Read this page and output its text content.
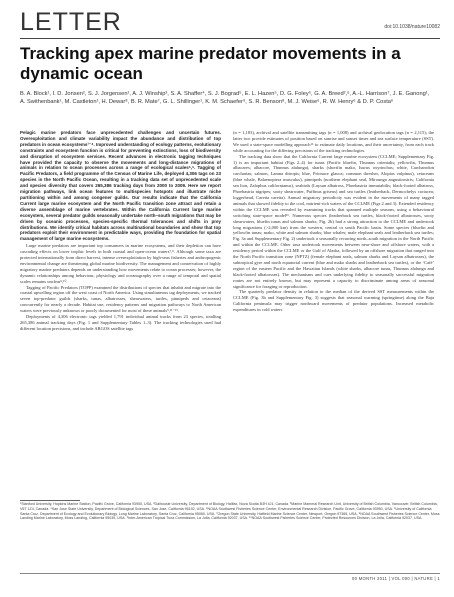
LETTER	doi:10.1038/nature10082
Tracking apex marine predator movements in a dynamic ocean

B. A. Block¹, I. D. Jonsen², S. J. Jorgensen¹, A. J. Winship³, S. A. Shaffer⁴, S. J. Bograd⁵, E. L. Hazen⁵, D. G. Foley⁵, G. A. Breed²,⁶, A.-L. Harrison⁷, J. E. Ganong¹, A. Swithenbank¹, M. Castleton¹, H. Dewar⁸, B. R. Mate⁷, G. L. Shillinger¹, K. M. Schaefer⁹, S. R. Benson⁸, M. J. Weise⁶, R. W. Henry⁶ & D. P. Costa⁶

Pelagic marine predators face unprecedented challenges and uncertain futures. Overexploitation and climate variability impact the abundance and distribution of top predators in ocean ecosystems¹⁻⁴. Improved understanding of ecology patterns, evolutionary constraints and ecosystem function is critical for preventing extinctions, loss of biodiversity and disruption of ecosystem services. Recent advances in electronic tagging techniques have provided the capacity to observe the movements and long-distance migrations of animals in relation to ocean processes across a range of ecological scales⁵,⁶. Tagging of Pacific Predators, a field programme of the Census of Marine Life, deployed 4,306 tags on 23 species in the North Pacific Ocean, resulting in a tracking data set of unprecedented scale and species diversity that covers 265,386 tracking days from 2000 to 2009. Here we report migration pathways, link ocean features to multispecies hotspots and illustrate niche partitioning within and among congener guilds. Our results indicate that the California Current large marine ecosystem and the North Pacific transition zone attract and retain a diverse assemblage of marine vertebrates. Within the California Current large marine ecosystem, several predator guilds seasonally undertake north–south migrations that may be driven by oceanic processes, species-specific thermal tolerances and shifts in prey distributions. We identify critical habitats across multinational boundaries and show that top predators exploit their environment in predictable ways, providing the foundation for spatial management of large marine ecosystems.

Large marine predators are important top consumers in marine ecosystems, and their depletion can have cascading effects on lower trophic levels in both coastal and open-ocean waters⁷,⁸. Although some taxa are protected internationally from direct harvest, intense overexploitation by high-seas fisheries and anthropogenic environmental change are threatening global marine biodiversity. The management and conservation of highly migratory marine predators depends on understanding how movements relate to ocean processes; however, the dynamic relationships among behaviour, physiology and oceanography over a range of temporal and spatial scales remains unclear⁹,¹⁰.

Tagging of Pacific Predators (TOPP) examined the distributions of species that inhabit and migrate into the coastal upwelling region off the west coast of North America. Using simultaneous tag deployments, we tracked seven top-predator guilds (sharks, tunas, albatrosses, shearwaters, turtles, pinnipeds and cetaceans) concurrently for nearly a decade. Habitat use, residency patterns and migration pathways to North American waters were previously unknown or poorly documented for most of these animals⁹,¹¹⁻¹⁵.

Deployments of 4,306 electronic tags yielded 1,791 individual animal tracks from 23 species, totalling 265,386 animal tracking days (Fig. 1 and Supplementary Tables 1–3). The tracking technologies used had different location precisions, and include ARGOS satellite tags

(n = 1,183), archival and satellite transmitting tags (n = 1,008) and archival geolocation tags (n = 2,115); the latter two provide estimates of position based on sunrise and sunset times and sea surface temperature (SST). We used a state-space modelling approach¹⁶ to estimate daily locations, and their uncertainty, from each track while accounting for the differing precisions of the tracking technologies.

The tracking data show that the California Current large marine ecosystem (CCLME; Supplementary Fig. 1) is an important habitat (Figs 2–4) for tunas (Pacific bluefin, Thunnus orientalis; yellowfin, Thunnus albacares; albacore, Thunnus alalunga), sharks (shortfin mako, Isurus oxyrinchus; white, Carcharodon carcharias; salmon, Lamna ditropis; blue, Prionace glauca; common thresher, Alopias vulpinus), cetaceans (blue whale, Balaenoptera musculus), pinnipeds (northern elephant seal, Mirounga angustirostris; California sea lion, Zalophus californianus), seabirds (Laysan albatross, Phoebastria immutabilis; black-footed albatross, Phoebastria nigripes; sooty shearwater, Puffinus griseus) and sea turtles (leatherback, Dermochelys coriacea; loggerhead, Caretta caretta). Annual migratory periodicity was evident in the movements of many tagged animals that showed fidelity to the cool, nutrient-rich waters of the CCLME (Figs 2 and 3). Extended residency within the CCLME was revealed by examining tracks that spanned multiple seasons, using a behavioural switching state-space model¹⁶. Numerous species (leatherback sea turtles, black-footed albatrosses, sooty shearwaters, bluefin tunas and salmon sharks; Fig. 2b) had a strong attraction to the CCLME and undertook long migrations (>2,000 km) from the western, central or south Pacific basin. Some species (bluefin and yellowfin tunas; mako, white and salmon sharks; blue whales; male elephant seals and leatherback sea turtles; Fig. 3a and Supplementary Fig. 2) undertook a seasonally recurring north–south migration in the North Pacific and within the CCLME. Other taxa undertook movements between near-shore and offshore waters, with a residency period within the CCLME or the Gulf of Alaska, followed by an offshore migration that ranged into the North Pacific transition zone (NPTZ) (female elephant seals, salmon sharks and Laysan albatrosses), the subtropical gyre and north equatorial current (blue and mako sharks and leatherback sea turtles), or the ‘Café’ region of the eastern Pacific and the Hawaiian Islands (white sharks, albacore tunas, Thunnus alalunga and black-footed albatrosses). The mechanisms and cues underlying fidelity to seasonally successful migration routes are not entirely known, but may represent a capacity to discriminate among areas of seasonal significance for foraging or reproduction.

The quarterly predator density in relation to the median of the derived SST measurements within the CCLME (Fig. 3b and Supplementary Fig. 3) suggests that seasonal warming (springtime) along the Baja California peninsula may trigger northward movements of predator populations. Increased metabolic expenditures in cold waters

¹Stanford University, Hopkins Marine Station, Pacific Grove, California 93950, USA. ²Dalhousie University, Department of Biology, Halifax, Nova Scotia B3H 4J1, Canada. ³Marine Mammal Research Unit, University of British Columbia, Vancouver, British Columbia, V6T 1Z4, Canada. ⁴San Jose State University, Department of Biological Sciences, San Jose, California 95192, USA. ⁵NOAA Southwest Fisheries Science Center, Environmental Research Division, Pacific Grove, California 93950, USA. ⁶University of California Santa Cruz, Department of Ecology and Evolutionary Biology, Long Marine Laboratory, Santa Cruz, California 95060, USA. ⁷Oregon State University, Hatfield Marine Science Center, Newport, Oregon 97365, USA. ⁸NOAA Southwest Fisheries Science Center, Moss Landing Marine Laboratory, Moss Landing, California 95039, USA. ⁹Inter-American Tropical Tuna Commission, La Jolla, California 92037, USA. ¹⁰NOAA Southwest Fisheries Science Center, Protected Resources Division, La Jolla, California 92037, USA.

00 MONTH 2011 | VOL 000 | NATURE | 1
